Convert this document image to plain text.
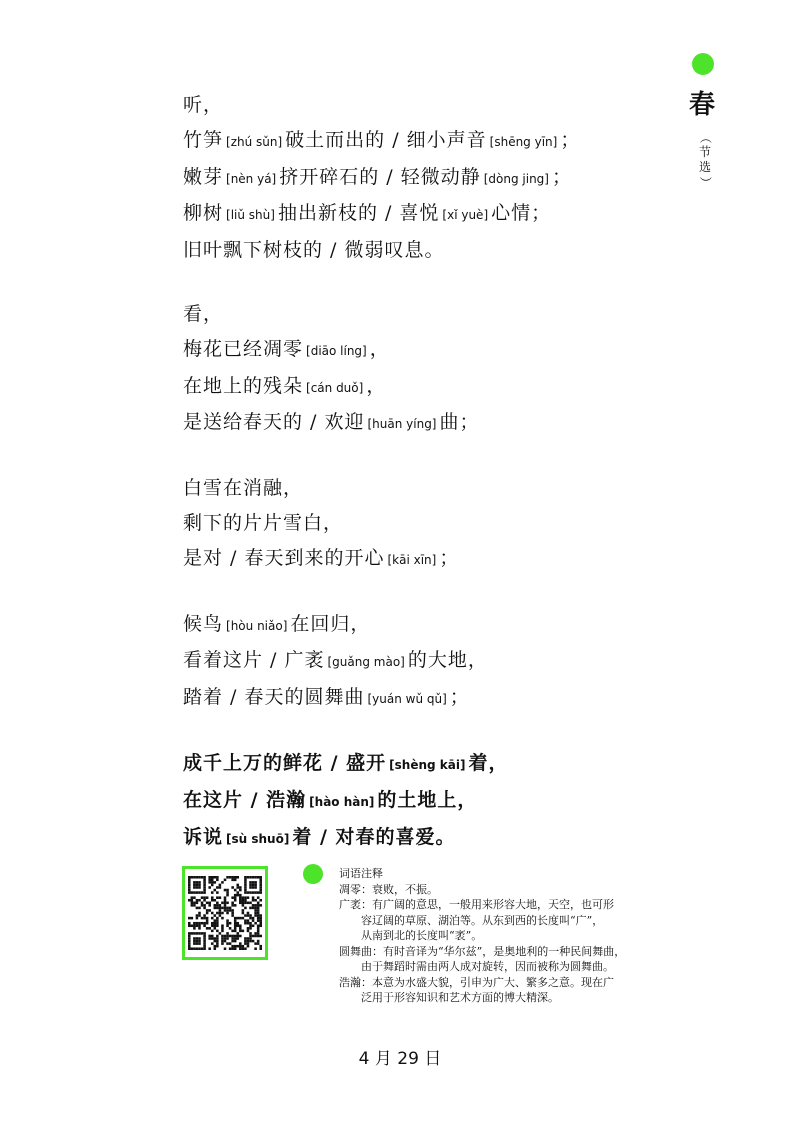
春
（
节
选
）
听，
竹笋 [zhú sǔn] 破土而出的 / 细小声音 [shēng yīn] ；
嫩芽 [nèn yá] 挤开碎石的 / 轻微动静 [dòng jing] ；
柳树 [liǔ shù] 抽出新枝的 / 喜悦 [xǐ yuè] 心情；
旧叶飘下树枝的 / 微弱叹息。
看，
梅花已经凋零 [diāo líng] ，
在地上的残朵 [cán duǒ] ，
是送给春天的 / 欢迎 [huān yíng] 曲；
白雪在消融，
剩下的片片雪白，
是对 / 春天到来的开心 [kāi xīn] ；
候鸟 [hòu niǎo] 在回归，
看着这片 / 广袤 [guǎng mào] 的大地，
踏着 / 春天的圆舞曲 [yuán wǔ qǔ] ；
成千上万的鲜花 / 盛开 [shèng kāi] 着，
在这片 / 浩瀚 [hào hàn] 的土地上，
诉说 [sù shuō] 着 / 对春的喜爱。
词语注释
凋零：衰败，不振。
广袤：有广阔的意思，一般用来形容大地，天空，也可形
容辽阔的草原、湖泊等。从东到西的长度叫“广”，
从南到北的长度叫“袤”。
圆舞曲：有时音译为“华尔兹”，是奥地利的一种民间舞曲，
由于舞蹈时需由两人成对旋转，因而被称为圆舞曲。
浩瀚：本意为水盛大貌，引申为广大、繁多之意。现在广
泛用于形容知识和艺术方面的博大精深。
4 月 29 日
